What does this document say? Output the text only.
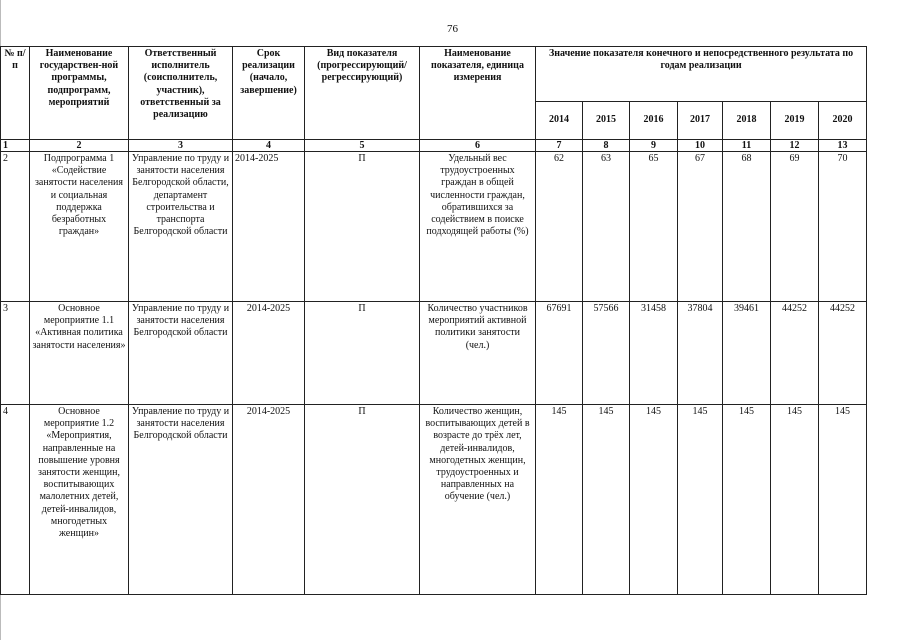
76
№ п/п	Наименование государствен-ной программы, подпрограмм, мероприятий	Ответственный исполнитель (соисполнитель, участник), ответственный за реализацию	Срок реализации (начало, завершение)	Вид показателя (прогрессирующий/ регрессирующий)	Наименование показателя, единица измерения	Значение показателя конечного и непосредственного результата по годам реализации						
						2014	2015	2016	2017	2018	2019	2020
1	2	3	4	5	6	7	8	9	10	11	12	13
2	Подпрограмма 1 «Содействие занятости населения и социальная поддержка безработных граждан»	Управление по труду и занятости населения Белгородской области, департамент строительства и транспорта Белгородской области	2014-2025	П	Удельный вес трудоустроенных граждан в общей численности граждан, обратившихся за содействием в поиске подходящей работы (%)	62	63	65	67	68	69	70
3	Основное мероприятие 1.1 «Активная политика занятости населения»	Управление по труду и занятости населения Белгородской области	2014-2025	П	Количество участников мероприятий активной политики занятости (чел.)	67691	57566	31458	37804	39461	44252	44252
4	Основное мероприятие 1.2 «Мероприятия, направленные на повышение уровня занятости женщин, воспитывающих малолетних детей, детей-инвалидов, многодетных женщин»	Управление по труду и занятости населения Белгородской области	2014-2025	П	Количество женщин, воспитывающих детей в возрасте до трёх лет, детей-инвалидов, многодетных женщин, трудоустроенных и направленных на обучение (чел.)	145	145	145	145	145	145	145
